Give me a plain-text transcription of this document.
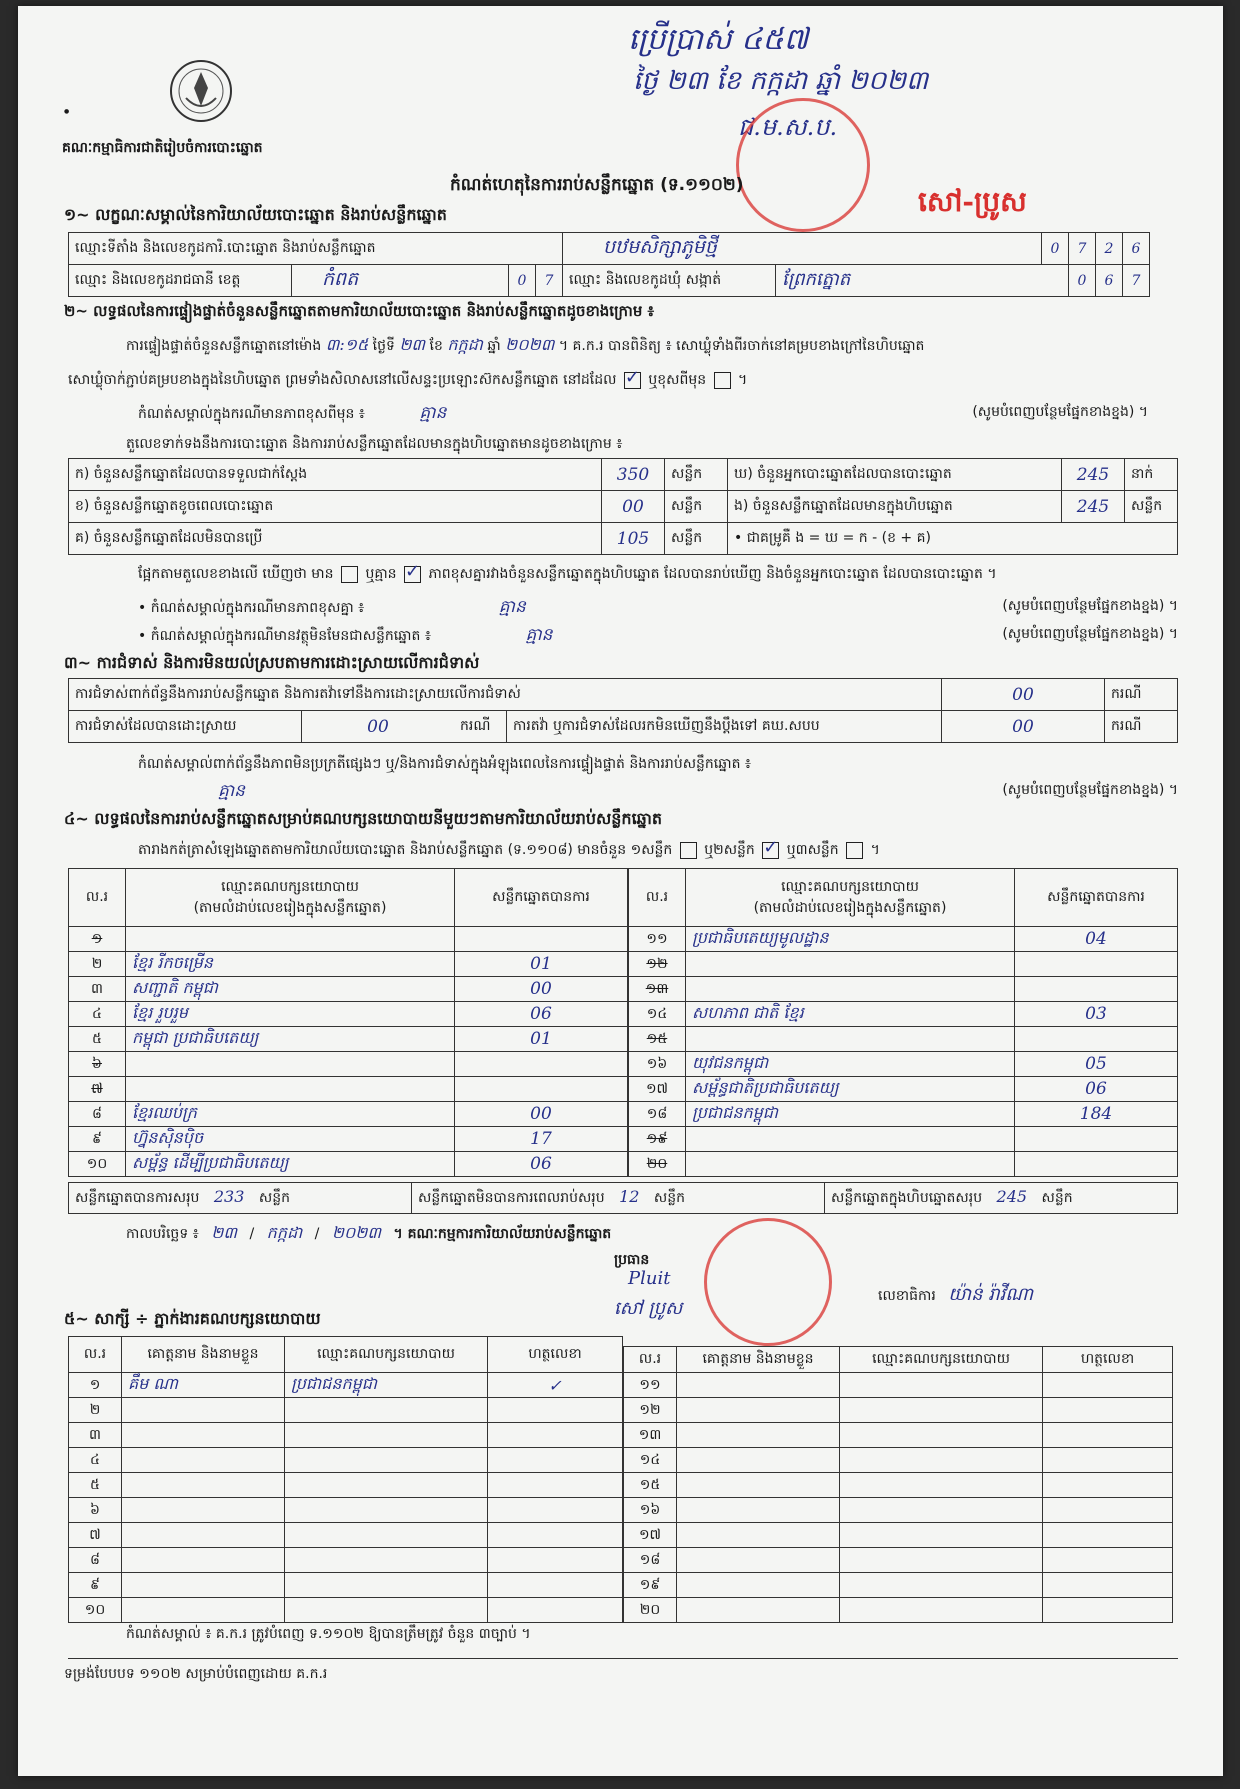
●
គណៈកម្មាធិការជាតិរៀបចំការបោះឆ្នោត
ប្រើប្រាស់ ៤៥៧
ថ្ងៃ ២៣ ខែ កក្កដា ឆ្នាំ ២០២៣
ជ.ម.ស.ប.
សៅ-ប្រូស
កំណត់ហេតុនៃការរាប់សន្លឹកឆ្នោត (ទ.១១០២)
១~ លក្ខណៈសម្គាល់នៃការិយាល័យបោះឆ្នោត និងរាប់សន្លឹកឆ្នោត
ឈ្មោះទីតាំង និងលេខកូដការិ.បោះឆ្នោត និងរាប់សន្លឹកឆ្នោត				បឋមសិក្សាភូមិថ្មី		0	7	2	6
ឈ្មោះ និងលេខកូដរាជធានី ខេត្ត	កំពត	0	7	ឈ្មោះ និងលេខកូដឃុំ សង្កាត់	ព្រែកត្នោត		0	6	7
២~ លទ្ធផលនៃការផ្ទៀងផ្ទាត់ចំនួនសន្លឹកឆ្នោតតាមការិយាល័យបោះឆ្នោត និងរាប់សន្លឹកឆ្នោតដូចខាងក្រោម ៖
ការផ្ទៀងផ្ទាត់ចំនួនសន្លឹកឆ្នោតនៅម៉ោង ៣:១៥ ថ្ងៃទី ២៣ ខែ កក្កដា ឆ្នាំ ២០២៣ ។ គ.ក.រ បានពិនិត្យ ៖ សោឃ្លុំទាំងពីរចាក់នៅគម្របខាងក្រៅនៃហិបឆ្នោត
សោឃ្លុំចាក់ភ្ជាប់គម្របខាងក្នុងនៃហិបឆ្នោត ព្រមទាំងសិលាសនៅលើសន្ទះប្រឡោះស៊កសន្លឹកឆ្នោត នៅដដែល ✓ ឬខុសពីមុន  ។
កំណត់សម្គាល់ក្នុងករណីមានភាពខុសពីមុន ៖	គ្មាន	(សូមបំពេញបន្ថែមផ្នែកខាងខ្នង) ។
តួលេខទាក់ទងនឹងការបោះឆ្នោត និងការរាប់សន្លឹកឆ្នោតដែលមានក្នុងហិបឆ្នោតមានដូចខាងក្រោម ៖
ក) ចំនួនសន្លឹកឆ្នោតដែលបានទទួលជាក់ស្តែង	350	សន្លឹក	ឃ) ចំនួនអ្នកបោះឆ្នោតដែលបានបោះឆ្នោត	245	នាក់
ខ) ចំនួនសន្លឹកឆ្នោតខូចពេលបោះឆ្នោត	00	សន្លឹក	ង) ចំនួនសន្លឹកឆ្នោតដែលមានក្នុងហិបឆ្នោត	245	សន្លឹក
គ) ចំនួនសន្លឹកឆ្នោតដែលមិនបានប្រើ	105	សន្លឹក	• ជាគម្រូគឺ ង = ឃ = ក - (ខ + គ)		
ផ្អែកតាមតួលេខខាងលើ ឃើញថា មាន ឬគ្មាន ✓ ភាពខុសគ្នារវាងចំនួនសន្លឹកឆ្នោតក្នុងហិបឆ្នោត ដែលបានរាប់ឃើញ និងចំនួនអ្នកបោះឆ្នោត ដែលបានបោះឆ្នោត ។
• កំណត់សម្គាល់ក្នុងករណីមានភាពខុសគ្នា ៖	គ្មាន	(សូមបំពេញបន្ថែមផ្នែកខាងខ្នង) ។
• កំណត់សម្គាល់ក្នុងករណីមានវត្ថុមិនមែនជាសន្លឹកឆ្នោត ៖	គ្មាន	(សូមបំពេញបន្ថែមផ្នែកខាងខ្នង) ។
៣~ ការជំទាស់ និងការមិនយល់ស្របតាមការដោះស្រាយលើការជំទាស់
ការជំទាស់ពាក់ព័ន្ធនឹងការរាប់សន្លឹកឆ្នោត និងការតវ៉ាទៅនឹងការដោះស្រាយលើការជំទាស់				00	ករណី
ការជំទាស់ដែលបានដោះស្រាយ	00	ករណី	ការតវ៉ា ឬការជំទាស់ដែលរកមិនឃើញនឹងប្តឹងទៅ គឃ.សបប	00	ករណី
កំណត់សម្គាល់ពាក់ព័ន្ធនឹងភាពមិនប្រក្រតីផ្សេងៗ ឬ/និងការជំទាស់ក្នុងអំឡុងពេលនៃការផ្ទៀងផ្ទាត់ និងការរាប់សន្លឹកឆ្នោត ៖
គ្មាន	(សូមបំពេញបន្ថែមផ្នែកខាងខ្នង) ។
៤~ លទ្ធផលនៃការរាប់សន្លឹកឆ្នោតសម្រាប់គណបក្សនយោបាយនីមួយៗតាមការិយាល័យរាប់សន្លឹកឆ្នោត
តារាងកត់ត្រាសំឡេងឆ្នោតតាមការិយាល័យបោះឆ្នោត និងរាប់សន្លឹកឆ្នោត (ទ.១១០៨) មានចំនួន ១សន្លឹក ឬ២សន្លឹក ✓ ឬ៣សន្លឹក  ។
ល.រ	ឈ្មោះគណបក្សនយោបាយ
(តាមលំដាប់លេខរៀងក្នុងសន្លឹកឆ្នោត)	សន្លឹកឆ្នោតបានការ
១		
២	ខ្មែរ រីកចម្រើន	01
៣	សញ្ជាតិ កម្ពុជា	00
៤	ខ្មែរ រួបរួម	06
៥	កម្ពុជា ប្រជាធិបតេយ្យ	01
៦		
៧		
៨	ខ្មែរឈប់ក្រ	00
៩	ហ្វ៊ុនស៊ិនប៉ិច	17
១០	សម្ព័ន្ធ ដើម្បីប្រជាធិបតេយ្យ	06
ល.រ	ឈ្មោះគណបក្សនយោបាយ
(តាមលំដាប់លេខរៀងក្នុងសន្លឹកឆ្នោត)	សន្លឹកឆ្នោតបានការ
១១	ប្រជាធិបតេយ្យមូលដ្ឋាន	04
១២		
១៣		
១៤	សហភាព ជាតិ ខ្មែរ	03
១៥		
១៦	យុវជនកម្ពុជា	05
១៧	សម្ព័ន្ធជាតិប្រជាធិបតេយ្យ	06
១៨	ប្រជាជនកម្ពុជា	184
១៩		
២០		
សន្លឹកឆ្នោតបានការសរុប 233 សន្លឹក	សន្លឹកឆ្នោតមិនបានការពេលរាប់សរុប 12 សន្លឹក	សន្លឹកឆ្នោតក្នុងហិបឆ្នោតសរុប 245 សន្លឹក
កាលបរិច្ឆេទ ៖ ២៣ / កក្កដា / ២០២៣ ។ គណៈកម្មការការិយាល័យរាប់សន្លឹកឆ្នោត
ប្រធាន
Pluit
សៅ ប្រូស
លេខាធិការ យ៉ាន់ រ៉ាវីណា
៥~ សាក្សី ÷ ភ្នាក់ងារគណបក្សនយោបាយ
ល.រ	គោត្តនាម និងនាមខ្លួន	ឈ្មោះគណបក្សនយោបាយ	ហត្ថលេខា
១	គឹម ណា	ប្រជាជនកម្ពុជា	✓
២			
៣			
៤			
៥			
៦			
៧			
៨			
៩			
១០			
ល.រ	គោត្តនាម និងនាមខ្លួន	ឈ្មោះគណបក្សនយោបាយ	ហត្ថលេខា
១១			
១២			
១៣			
១៤			
១៥			
១៦			
១៧			
១៨			
១៩			
២០			
កំណត់សម្គាល់ ៖ គ.ក.រ ត្រូវបំពេញ ទ.១១០២ ឱ្យបានត្រឹមត្រូវ ចំនួន ៣ច្បាប់ ។
ទម្រង់បែបបទ ១១០២ សម្រាប់បំពេញដោយ គ.ក.រ
